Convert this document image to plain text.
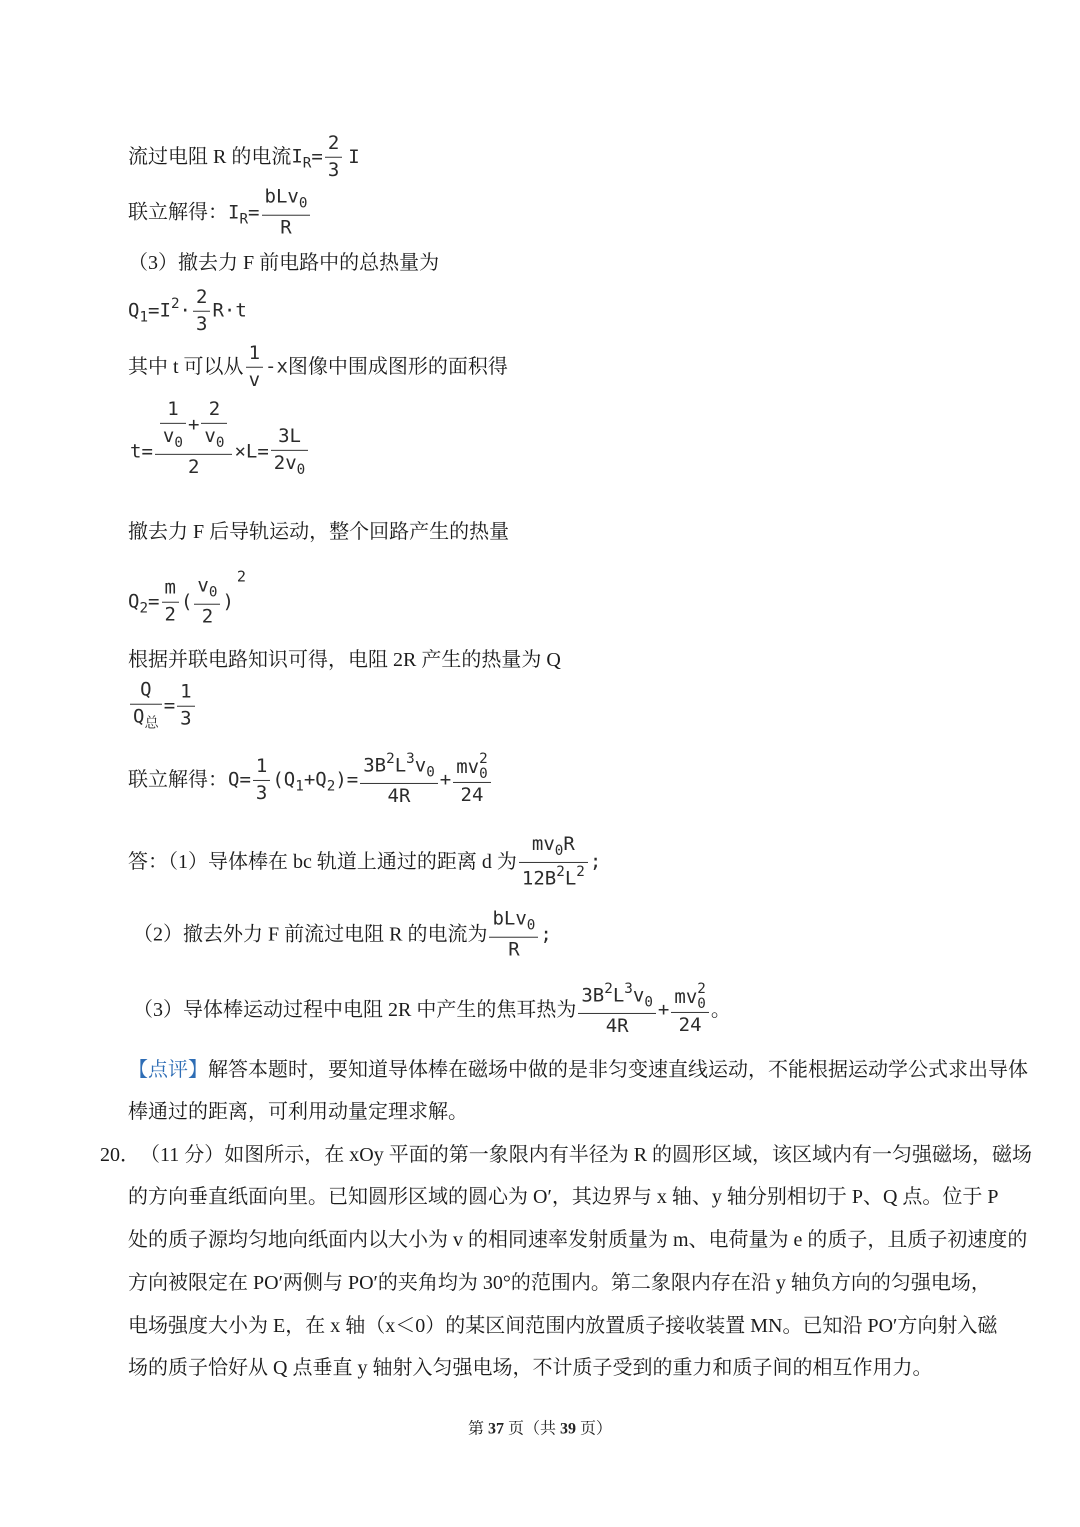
流过电阻 R 的电流 $I_R= \frac{2}{3}$ I
联立解得： $I_R= \frac{bLv_0}{R}$
（3）撤去力 F 前电路中的总热量为
$Q_1=I^2\cdot \frac{2}{3} R\cdot t$
其中 t 可以从 $\frac{1}{v} -x$ 图像中围成图形的面积得
$t= \frac{\frac{1}{v_0} + \frac{2}{v_0}}{2} \times L= \frac{3L}{2v_0}$
撤去力 F 后导轨运动，整个回路产生的热量
$Q_2= \frac{m}{2}$ ( $\frac{v_0}{2} )^2$
根据并联电路知识可得，电阻 2R 产生的热量为 Q
$\frac{Q}{Q_总} = \frac{1}{3}$
联立解得： $Q= \frac{1}{3} (Q_1+Q_2)= \frac{3B^2L^3v_0}{4R}$ + mv 2
0
24
答：（1）导体棒在 bc 轨道上通过的距离 d 为 $\frac{mv_0R}{12B^2L^2}$ ;
（2）撤去外力 F 前流过电阻 R 的电流为 $\frac{bLv_0}{R}$ ;
（3）导体棒运动过程中电阻 2R 中产生的焦耳热为 $\frac{3B^2L^3v_0}{4R}$ + mv 2
0
24 。
【点评】 解答本题时，要知道导体棒在磁场中做的是非匀变速直线运动，不能根据运动学公式求出导体
棒通过的距离，可利用动量定理求解。
20． （11 分）如图所示，在 xOy 平面的第一象限内有半径为 R 的圆形区域，该区域内有一匀强磁场，磁场
的方向垂直纸面向里。已知圆形区域的圆心为 O′，其边界与 x 轴、y 轴分别相切于 P、Q 点。位于 P
处的质子源均匀地向纸面内以大小为 v 的相同速率发射质量为 m、电荷量为 e 的质子，且质子初速度的
方向被限定在 PO′两侧与 PO′的夹角均为 30°的范围内。第二象限内存在沿 y 轴负方向的匀强电场，
电场强度大小为 E，在 x 轴（x＜0）的某区间范围内放置质子接收装置 MN。已知沿 PO′方向射入磁
场的质子恰好从 Q 点垂直 y 轴射入匀强电场，不计质子受到的重力和质子间的相互作用力。
第 37 页（共 39 页）
